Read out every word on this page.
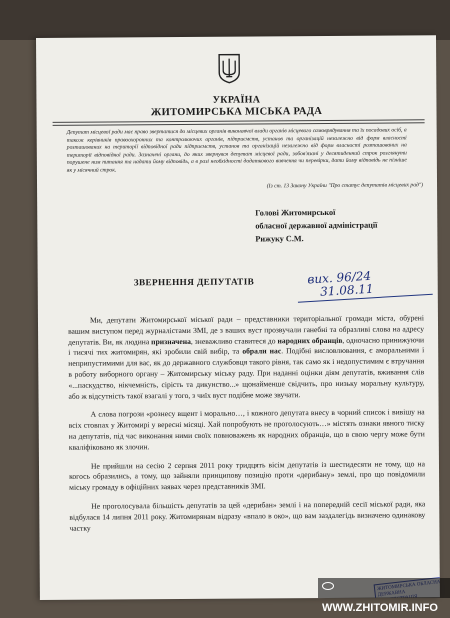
УКРАЇНА
ЖИТОМИРСЬКА МІСЬКА РАДА
Депутат місцевої ради має право звертатися до місцевих органів виконавчої влади органів місцевого самоврядування та їх посадових осіб, а також керівників правоохоронних та контролюючих органів, підприємств, установ та організацій незалежно від форм власності розташованих на території відповідної ради підприємств, установ та організацій незалежно від форм власності розташованих на території відповідної ради. Зазначені органи, до яких звернувся депутат місцевої ради, зобов'язані у десятиденний строк розглянути порушене ним питання та надати йому відповідь, а в разі необхідності додаткового вивчення чи перевірки, дати йому відповідь не пізніше як у місячний строк.
(Із ст. 13 Закону України "Про статус депутатів місцевих рад")
Голові Житомирської
обласної державної адміністрації
Рижуку С.М.
ЗВЕРНЕННЯ ДЕПУТАТІВ	вих. 96/24
31.08.11

Ми, депутати Житомирської міської ради – представники територіальної громади міста, обурені вашим виступом перед журналістами ЗМІ, де з ваших вуст прозвучали ганебні та образливі слова на адресу депутатів. Ви, як людина призначена, зневажливо ставитеся до народних обранців, одночасно принижуючи і тисячі тих житомирян, які зробили свій вибір, та обрали нас. Подібні висловлювання, є аморальними і неприпустимими для вас, як до державного службовця такого рівня, так само як і недопустимим є втручання в роботу виборного органу – Житомирську міську раду. При наданні оцінки діям депутатів, вживання слів «...паскудство, нікчемність, сірість та дикунство...» щонайменше свідчить, про низьку моральну культуру, або ж відсутність такої взагалі у того, з чиїх вуст подібне може звучати.

А слова погрози «рознесу вщент і морально…, і кожного депутата внесу в чорний список і вивішу на всіх стовпах у Житомирі у вересні місяці. Хай попробують не проголосують…» містять ознаки явного тиску на депутатів, під час виконання ними своїх повноважень як народних обранців, що в свою чергу може бути кваліфіковано як злочин.

Не прийшли на сесію 2 серпня 2011 року тридцять вісім депутатів із шестидесяти не тому, що на когось образились, а тому, що зайняли принципову позицію проти «дерибану» землі, про що повідомили міську громаду в офіційних заявах через представників ЗМІ.

Не проголосувала більшість депутатів за цей «дерибан» землі і на попередній сесії міської ради, яка відбулася 14 липня 2011 року. Житомирянам відразу «впало в око», що вам заздалегідь визначено одинакову частку

WWW.ZHITOMIR.INFO
